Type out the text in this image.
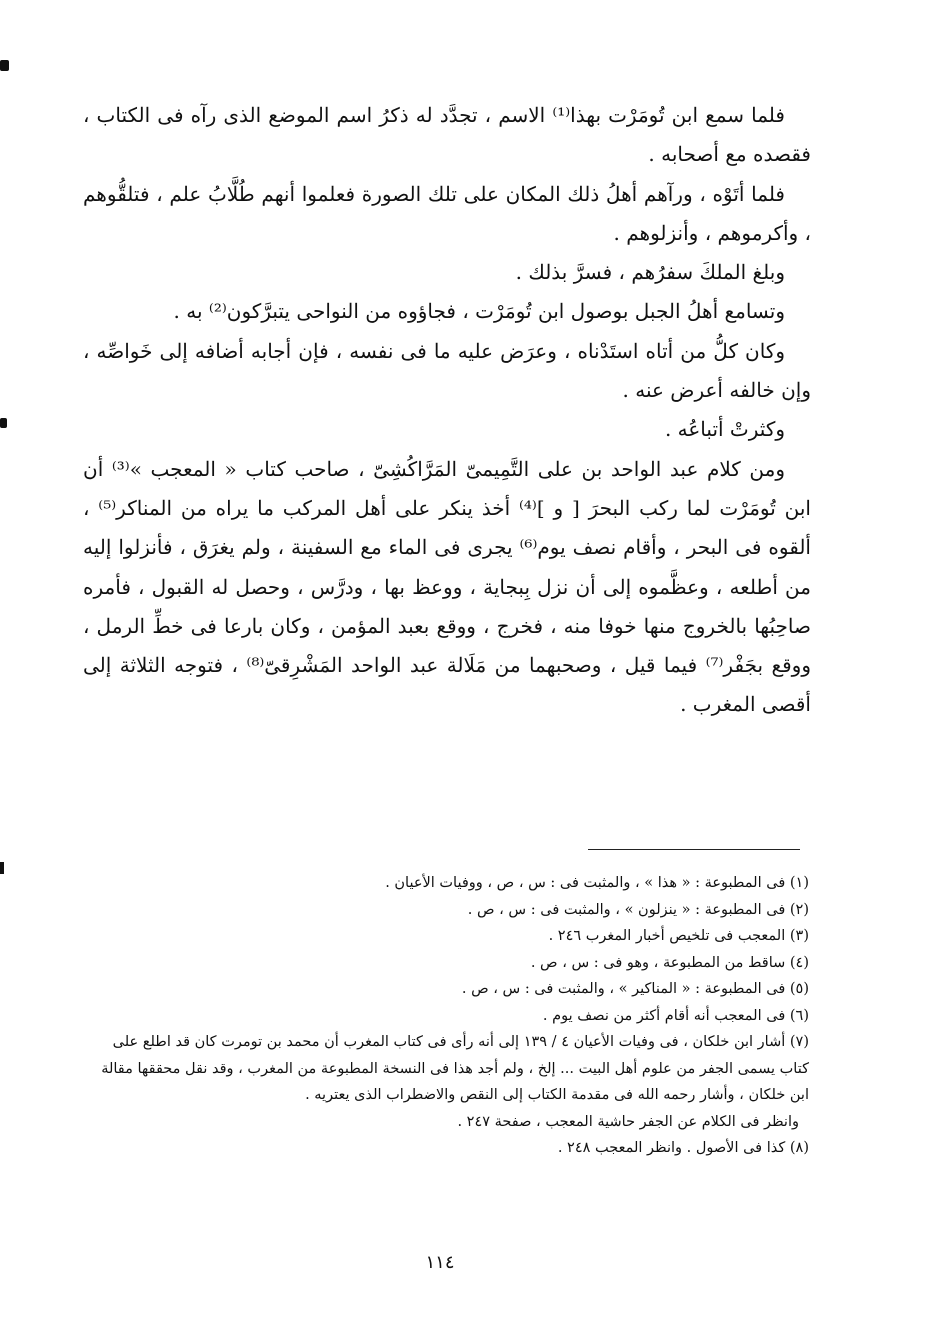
فلما سمع ابن تُومَرْت بهذا⁽¹⁾ الاسم ، تجدَّد له ذكرُ اسم الموضع الذى رآه فى الكتاب ، فقصده مع أصحابه .

فلما أتَوْه ، ورآهم أهلُ ذلك المكان على تلك الصورة فعلموا أنهم طُلَّابُ علم ، فتلقُّوهم ، وأكرموهم ، وأنزلوهم .

وبلغ الملكَ سفرُهم ، فسرَّ بذلك .

وتسامع أهلُ الجبل بوصول ابن تُومَرْت ، فجاؤوه من النواحى يتبرَّكون⁽²⁾ به .

وكان كلُّ من أتاه استَدْناه ، وعرَض عليه ما فى نفسه ، فإن أجابه أضافه إلى خَواصِّه ، وإن خالفه أعرض عنه .

وكثرتْ أتباعُه .

ومن كلام عبد الواحد بن على التَّمِيمىّ المَرَّاكُشِىّ ، صاحب كتاب « المعجب »⁽³⁾ أن ابن تُومَرْت لما ركب البحرَ [ و ]⁽⁴⁾ أخذ ينكر على أهل المركب ما يراه من المناكر⁽⁵⁾ ، ألقوه فى البحر ، وأقام نصف يوم⁽⁶⁾ يجرى فى الماء مع السفينة ، ولم يغرَق ، فأنزلوا إليه من أطلعه ، وعظَّموه إلى أن نزل بِبجاية ، ووعظ بها ، ودرَّس ، وحصل له القبول ، فأمره صاحِبُها بالخروج منها خوفا منه ، فخرج ، ووقع بعبد المؤمن ، وكان بارعا فى خطِّ الرمل ، ووقع بجَفْر⁽⁷⁾ فيما قيل ، وصحبهما من مَلَالة عبد الواحد المَشْرِقىّ⁽⁸⁾ ، فتوجه الثلاثة إلى أقصى المغرب .

(١) فى المطبوعة : « هذا » ، والمثبت فى : س ، ص ، ووفيات الأعيان .

(٢) فى المطبوعة : « ينزلون » ، والمثبت فى : س ، ص .

(٣) المعجب فى تلخيص أخبار المغرب ٢٤٦ .

(٤) ساقط من المطبوعة ، وهو فى : س ، ص .

(٥) فى المطبوعة : « المناكير » ، والمثبت فى : س ، ص .

(٦) فى المعجب أنه أقام أكثر من نصف يوم .

(٧) أشار ابن خلكان ، فى وفيات الأعيان ٤ / ١٣٩ إلى أنه رأى فى كتاب المغرب أن محمد بن تومرت كان قد اطلع على كتاب يسمى الجفر من علوم أهل البيت ... إلخ ، ولم أجد هذا فى النسخة المطبوعة من المغرب ، وقد نقل محققها مقالة ابن خلكان ، وأشار رحمه الله فى مقدمة الكتاب إلى النقص والاضطراب الذى يعتريه .

وانظر فى الكلام عن الجفر حاشية المعجب ، صفحة ٢٤٧ .

(٨) كذا فى الأصول . وانظر المعجب ٢٤٨ .

١١٤
